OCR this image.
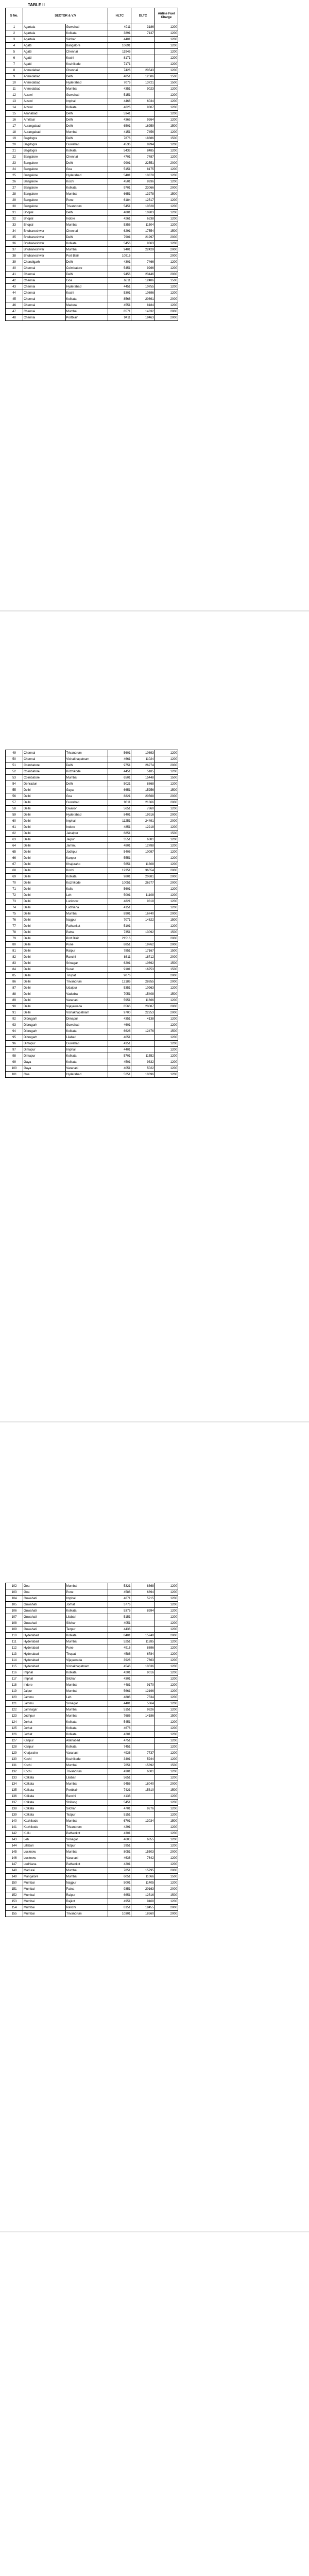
TABLE II
S No.	SECTOR & V.V		HLTC	DLTC	Airline Fuel Charge
1	Agartala	Guwahati	4911	3186	1200
2	Agartala	Kolkata	3891	7137	1200
3	Agartala	Silchar	4401		1200
4	Agatti	Bangalore	10691		1200
5	Agatti	Chennai	11946		1200
6	Agatti	Kochi	8171		1200
7	Agatti	Kozhikode	7171		1200
8	Ahmedabad	Chennai	7426	20543	1200
9	Ahmedabad	Delhi	4851	12586	1500
10	Ahmedabad	Hyderabad	7076	13721	1500
11	Ahmedabad	Mumbai	4351	9023	1200
12	Aizawl	Guwahati	5151		1200
13	Aizawl	Imphal	4466	6034	1200
14	Aizawl	Kolkata	4626	9307	1200
15	Allahabad	Delhi	5341		1200
16	Amritsar	Delhi	4366	9264	1200
17	Aurangabad	Delhi	6501	16959	1500
18	Aurangabad	Mumbai	4151	7456	1200
19	Bagdogra	Delhi	7876	18886	1500
20	Bagdogra	Guwahati	4536	8994	1200
21	Bagdogra	Kolkata	5436	8485	1200
22	Bangalore	Chennai	4701	7487	1200
23	Bangalore	Delhi	9901	22551	2000
24	Bangalore	Goa	5151	8175	1200
25	Bangalore	Hyderabad	5401	10878	1200
26	Bangalore	Kochi	4501	8936	1200
27	Bangalore	Kolkata	9701	23066	2000
28	Bangalore	Mumbai	6651	13278	1500
29	Bangalore	Pune	6184	12517	1200
30	Bangalore	Trivandrum	5451	10528	1200
31	Bhopal	Delhi	4801	10903	1200
32	Bhopal	Indore	4261	6238	1200
33	Bhopal	Mumbai	5356	11504	1200
34	Bhubaneshwar	Chennai	6291	17554	1500
35	Bhubaneshwar	Delhi	7901	21997	2000
36	Bhubaneshwar	Kolkata	5456	9363	1200
37	Bhubaneshwar	Mumbai	9401	22429	2000
38	Bhubaneshwar	Port Blair	10916		2000
39	Chandigarh	Delhi	4301	7466	1200
40	Chennai	Coimbatore	5451	9266	1200
41	Chennai	Delhi	9456	23446	2000
42	Chennai	Goa	6311	12486	1500
43	Chennai	Hyderabad	4451	10755	1200
44	Chennai	Kochi	5301	10696	1200
45	Chennai	Kolkata	8568	20891	2000
46	Chennai	Madurai	4551	8184	1200
47	Chennai	Mumbai	8571	14832	2000
48	Chennai	Portblair	9411	19463	2000
49	Chennai	Trivandrum	5601	10893	1200
50	Chennai	Vishakhapatnam	4661	11024	1200
51	Coimbatore	Delhi	9751	26274	2000
52	Coimbatore	Kozhikode	4451	5185	1200
53	Coimbatore	Mumbai	6501	15448	1500
54	Dehradun	Delhi	5021	8868	1200
55	Delhi	Gaya	6651	15256	1500
56	Delhi	Goa	8821	20568	2000
57	Delhi	Guwahati	9611	21366	2000
58	Delhi	Gwalior	5651	7860	1200
59	Delhi	Hyderabad	8401	19916	2000
60	Delhi	Imphal	11251	24491	2000
61	Delhi	Indore	4851	12218	1200
62	Delhi	Jabalpur	6851		1500
63	Delhi	Jaipur	3551	6381	1200
64	Delhi	Jammu	4801	12788	1200
65	Delhi	Jodhpur	5406	10097	1200
66	Delhi	Kanpur	5551		1200
67	Delhi	Khajuraho	5651	11308	1200
68	Delhi	Kochi	12351	36554	2000
69	Delhi	Kolkata	9801	20681	2000
70	Delhi	Kozhikode	10051	26277	2000
71	Delhi	Kullu	5601		1200
72	Delhi	Leh	5001	11108	1200
73	Delhi	Lucknow	4821	9318	1200
74	Delhi	Ludhiana	4151		1200
75	Delhi	Mumbai	8901	16740	2000
76	Delhi	Nagpur	7071	14622	1500
77	Delhi	Pathankot	5101		1200
78	Delhi	Patna	7351	13092	1500
79	Delhi	Port Blair	21516		2000
80	Delhi	Pune	8851	19762	2000
81	Delhi	Raipur	7851	17167	1500
82	Delhi	Ranchi	8611	18712	2000
83	Delhi	Srinagar	6201	10692	1500
84	Delhi	Surat	9101	16753	1500
85	Delhi	Tirupati	9076		2000
86	Delhi	Trivandrum	12186	28855	2000
87	Delhi	Udaipur	5351	10963	1200
88	Delhi	Vadodra	7051	15408	1500
89	Delhi	Varanasi	5951	11666	1200
90	Delhi	Vijayawada	8566	20087	2000
91	Delhi	Vishakhapatnam	9700	22253	2000
92	Dibrugarh	Dimapur	4351	4138	1200
93	Dibrugarh	Guwahati	4601		1200
94	Dibrugarh	Kolkata	6626	12476	1500
95	Dibrugarh	Lilabari	4051		1200
96	Dimapur	Guwahati	4351		1200
97	Dimapur	Imphal	4401		1200
98	Dimapur	Kolkata	5701	11552	1200
99	Gaya	Kolkata	4501	9332	1200
100	Gaya	Varanasi	4051	5022	1200
101	Goa	Hyderabad	5251	10696	1200
102	Goa	Mumbai	5321	8368	1200
103	Goa	Pune	4586	6894	1200
104	Guwahati	Imphal	4671	5215	1200
105	Guwahati	Jorhat	3776		1200
106	Guwahati	Kolkata	5376	8994	1200
107	Guwahati	Lilabari	5151		1200
108	Guwahati	Silchar	4051		1200
109	Guwahati	Tezpur	4436		1200
110	Hyderabad	Kolkata	8401	15740	2000
111	Hyderabad	Mumbai	5251	11285	1200
112	Hyderabad	Pune	4916	8696	1200
113	Hyderabad	Tirupati	4586	6784	1200
114	Hyderabad	Vijayawada	3926	7663	1200
115	Hyderabad	Vishakhapatnam	4546	10536	1200
116	Imphal	Kolkata	4201	9016	1200
117	Imphal	Silchar	4301		1200
118	Indore	Mumbai	4481	9170	1200
119	Jaipur	Mumbai	5661	12196	1200
120	Jammu	Leh	4886	7534	1200
121	Jammu	Srinagar	4401	5664	1200
122	Jamnagar	Mumbai	5151	9626	1200
123	Jodhpur	Mumbai	7686	14186	1500
124	Jorhat	Kolkata	5451		1200
125	Jorhat	Kolkata	4676		1200
126	Jorhat	Kolkata	4201		1200
127	Kanpur	Allahabad	4751		1200
128	Kanpur	Kolkata	7451		1200
129	Khajuraho	Varanasi	4936	7737	1200
130	Kochi	Kozhikode	3401	5944	1200
131	Kochi	Mumbai	7651	15392	1500
132	Kochi	Trivandrum	4301	6001	1200
133	Kolkata	Lilabari	5651		1200
134	Kolkata	Mumbai	9456	18040	2000
135	Kolkata	Portblair	7421	15310	1500
136	Kolkata	Ranchi	4136		1200
137	Kolkata	Shillong	5451		1200
138	Kolkata	Silchar	4701	9276	1200
139	Kolkata	Tezpur	5151		1200
140	Kozhikode	Mumbai	6701	13034	1500
141	Kozhikode	Trivandrum	4291		1200
142	Kullu	Pathankot	4301		1200
143	Leh	Srinagar	4603	6855	1200
144	Lilabari	Tezpur	3951		1200
145	Lucknow	Mumbai	8051	15503	2000
146	Lucknow	Varanasi	4636	7642	1200
147	Ludhiana	Pathankot	4201		1200
148	Madurai	Mumbai	7851	15795	2000
149	Mangalore	Mumbai	6051	11066	1500
150	Mumbai	Nagpur	5001	11405	1200
151	Mumbai	Patna	9351	20163	2000
152	Mumbai	Raipur	6651	12516	1500
153	Mumbai	Rajkot	4951	9468	1200
154	Mumbai	Ranchi	8151	18455	2000
155	Mumbai	Trivandrum	10301	18560	2000
